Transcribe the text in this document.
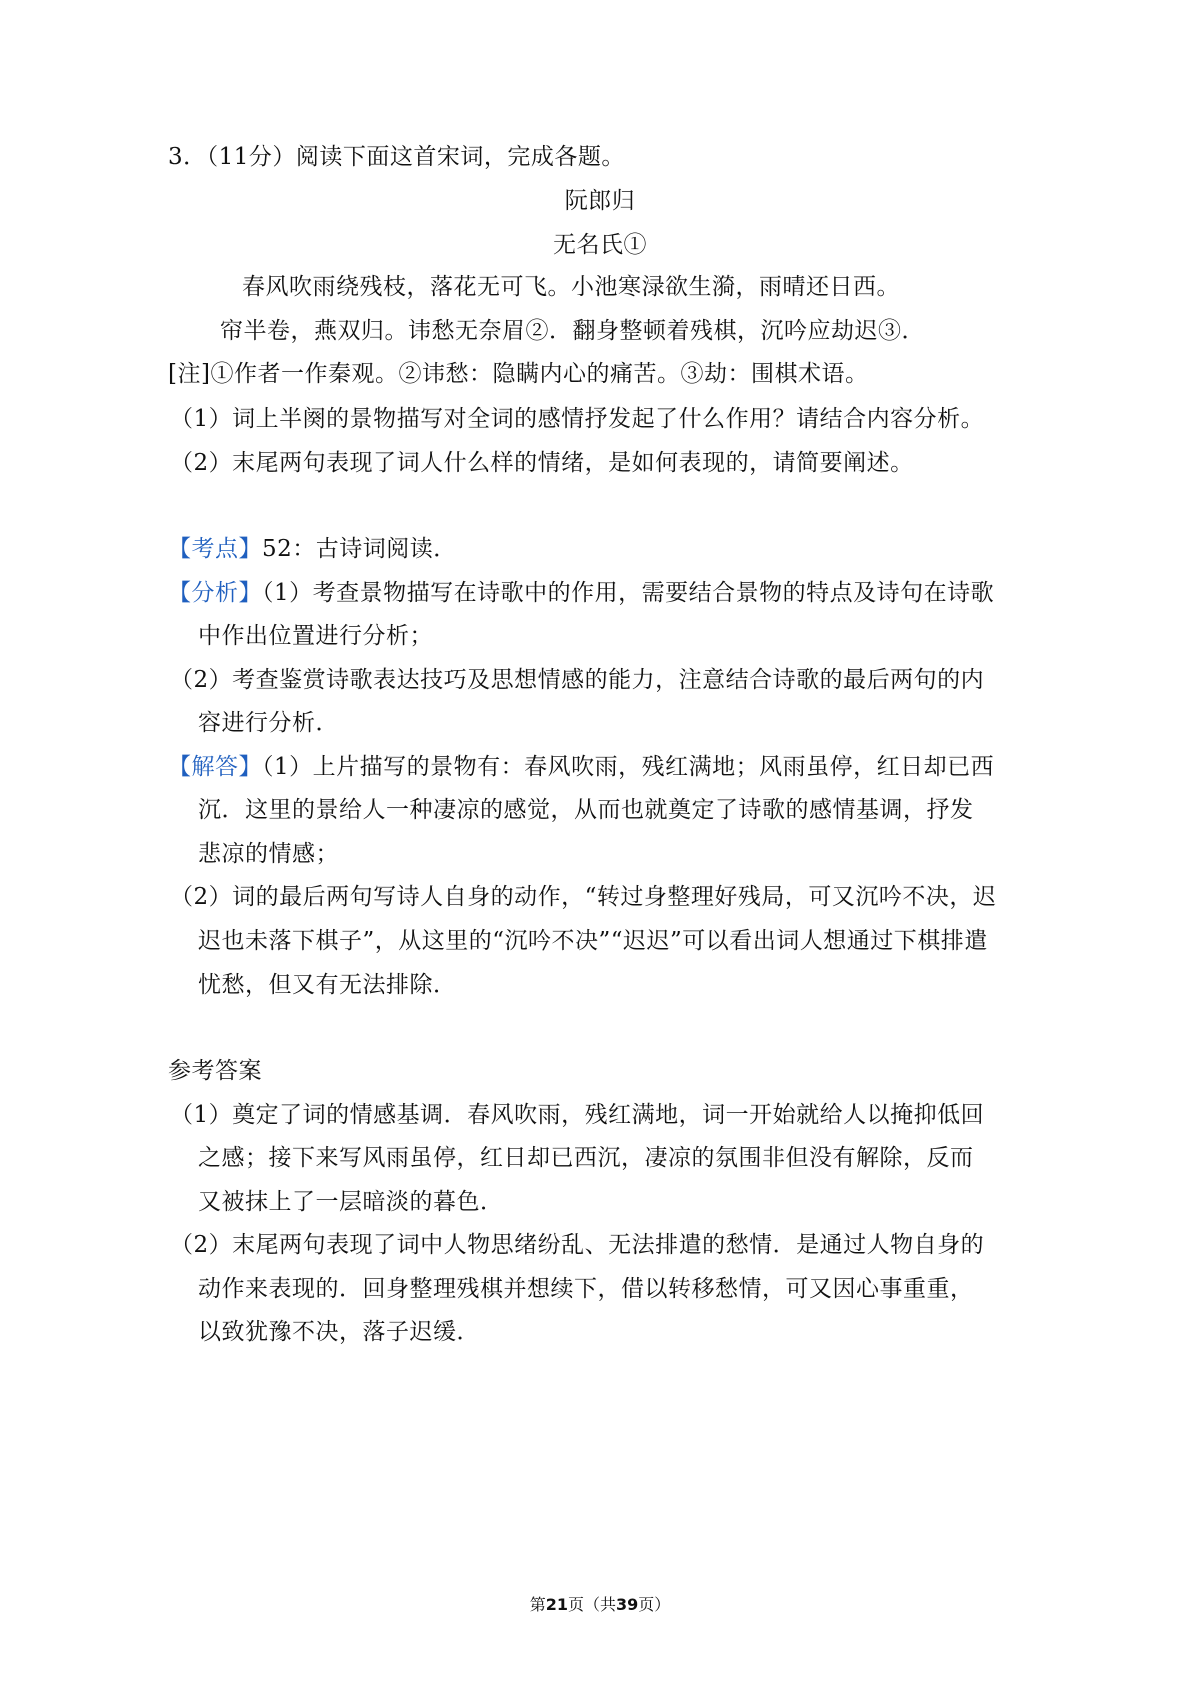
3．（11分）阅读下面这首宋词，完成各题。
阮郎归
无名氏①
春风吹雨绕残枝，落花无可飞。小池寒渌欲生漪，雨晴还日西。
帘半卷，燕双归。讳愁无奈眉②．翻身整顿着残棋，沉吟应劫迟③．
[注]①作者一作秦观。②讳愁：隐瞒内心的痛苦。③劫：围棋术语。
（1）词上半阕的景物描写对全词的感情抒发起了什么作用？请结合内容分析。
（2）末尾两句表现了词人什么样的情绪，是如何表现的，请简要阐述。
【考点】52：古诗词阅读．
【分析】（1）考查景物描写在诗歌中的作用，需要结合景物的特点及诗句在诗歌
中作出位置进行分析；
（2）考查鉴赏诗歌表达技巧及思想情感的能力，注意结合诗歌的最后两句的内
容进行分析．
【解答】（1）上片描写的景物有：春风吹雨，残红满地；风雨虽停，红日却已西
沉．这里的景给人一种凄凉的感觉，从而也就奠定了诗歌的感情基调，抒发
悲凉的情感；
（2）词的最后两句写诗人自身的动作，“转过身整理好残局，可又沉吟不决，迟
迟也未落下棋子”，从这里的“沉吟不决”“迟迟”可以看出词人想通过下棋排遣
忧愁，但又有无法排除．
参考答案
（1）奠定了词的情感基调．春风吹雨，残红满地，词一开始就给人以掩抑低回
之感；接下来写风雨虽停，红日却已西沉，凄凉的氛围非但没有解除，反而
又被抹上了一层暗淡的暮色．
（2）末尾两句表现了词中人物思绪纷乱、无法排遣的愁情．是通过人物自身的
动作来表现的．回身整理残棋并想续下，借以转移愁情，可又因心事重重，
以致犹豫不决，落子迟缓．
第21页（共39页）
